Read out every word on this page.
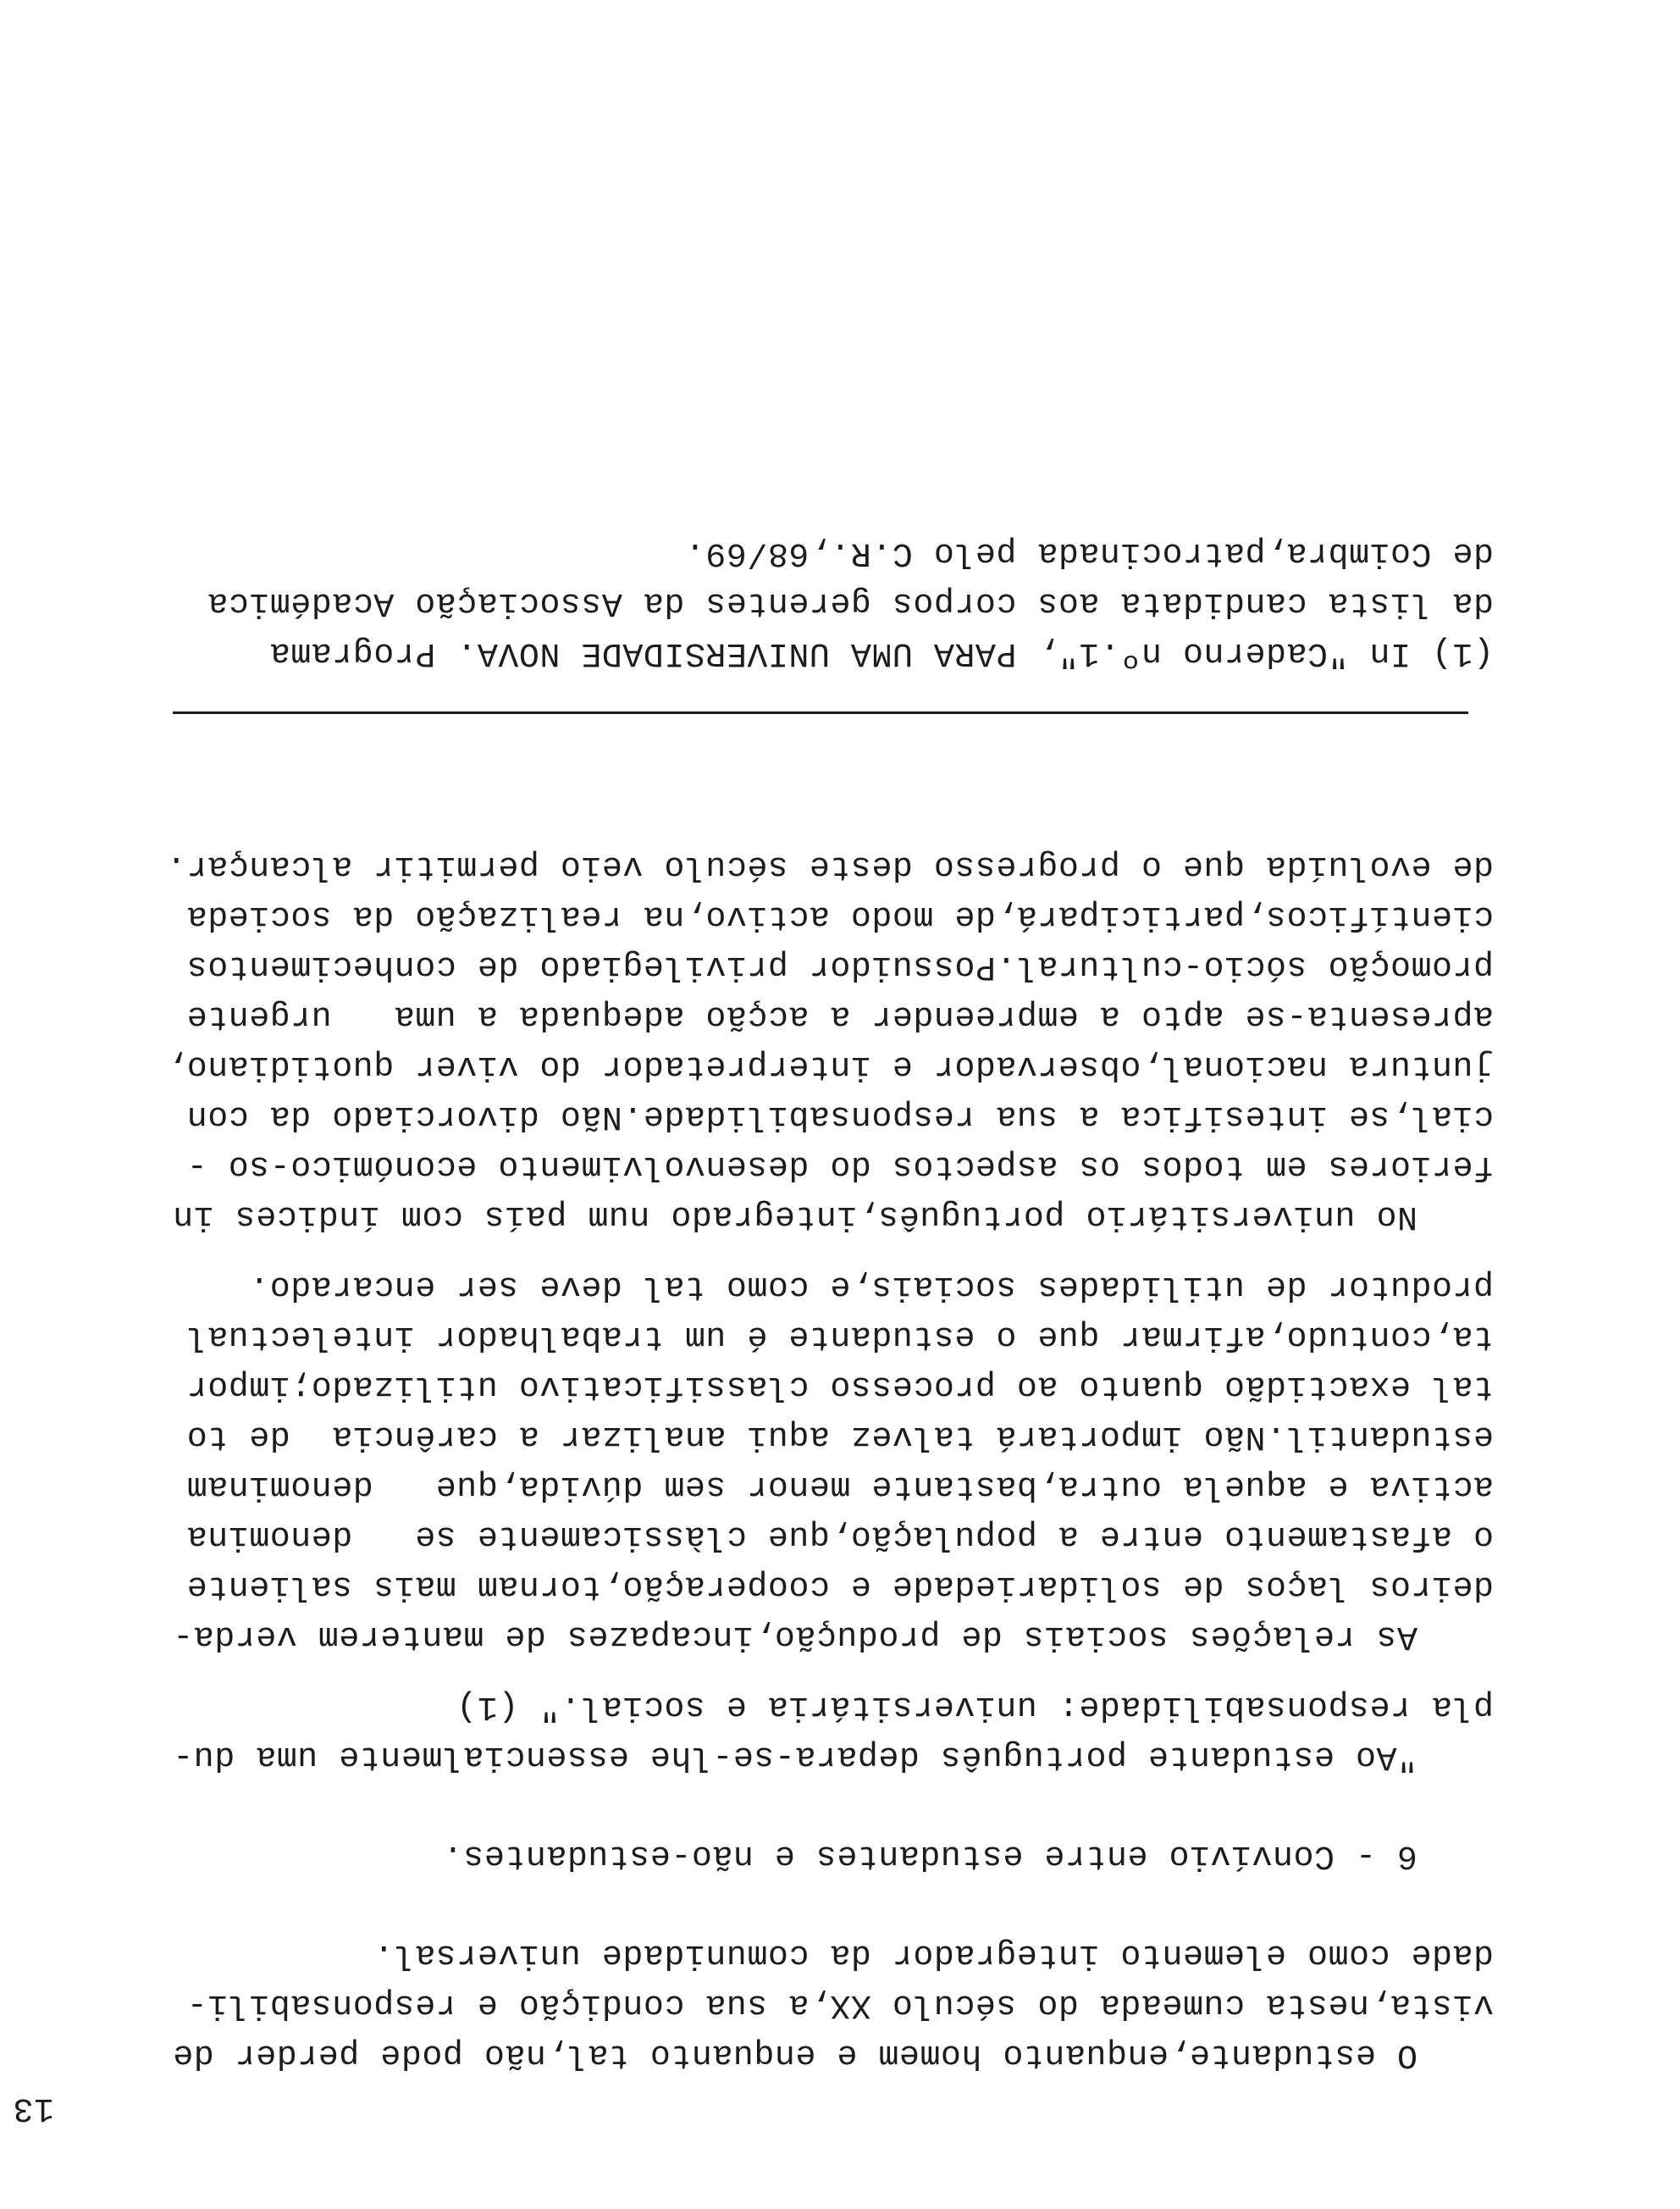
13
O estudante,enquanto homem e enquanto tal,não pode perder de
vista,nesta cumeada do século XX,a sua condição e responsabili-
dade como elemento integrador da comunidade universal.
6 - Convívio entre estudantes e não-estudantes.
"Ao estudante português depara-se-lhe essencialmente uma du-
pla responsabilidade: universitária e social." (1)
As relações sociais de produção,incapazes de manterem verda-
deiros laços de solidariedade e cooperação,tornam mais saliente
o afastamento entre a população,que clàssicamente se   denomina
activa e aquela outra,bastante menor sem dúvida,que   denominam
estudantil.Não importará talvez aqui analizar a carência  de to
tal exactidão quanto ao processo classificativo utilizado;impor
ta,contudo,afirmar que o estudante é um trabalhador intelectual
produtor de utilidades sociais,e como tal deve ser encarado.
No universitário português,integrado num país com índices in
feriores em todos os aspectos do desenvolvimento económico-so -
cial,se intesifica a sua responsabilidade.Não divorciado da con
juntura nacional,observador e interpretador do viver quotidiano,
apresenta-se apto a empreender a acção adequada a uma   urgente
promoção sócio-cultural.Possuidor privilegiado de conhecimentos
científicos,participará,de modo activo,na realização da socieda
de evoluída que o progresso deste século veio permitir alcançar.
(1) In "Caderno nº.1", PARA UMA UNIVERSIDADE NOVA. Programa
da lista candidata aos corpos gerentes da Associação Académica
de Coimbra,patrocinada pelo C.R.,68/69.
